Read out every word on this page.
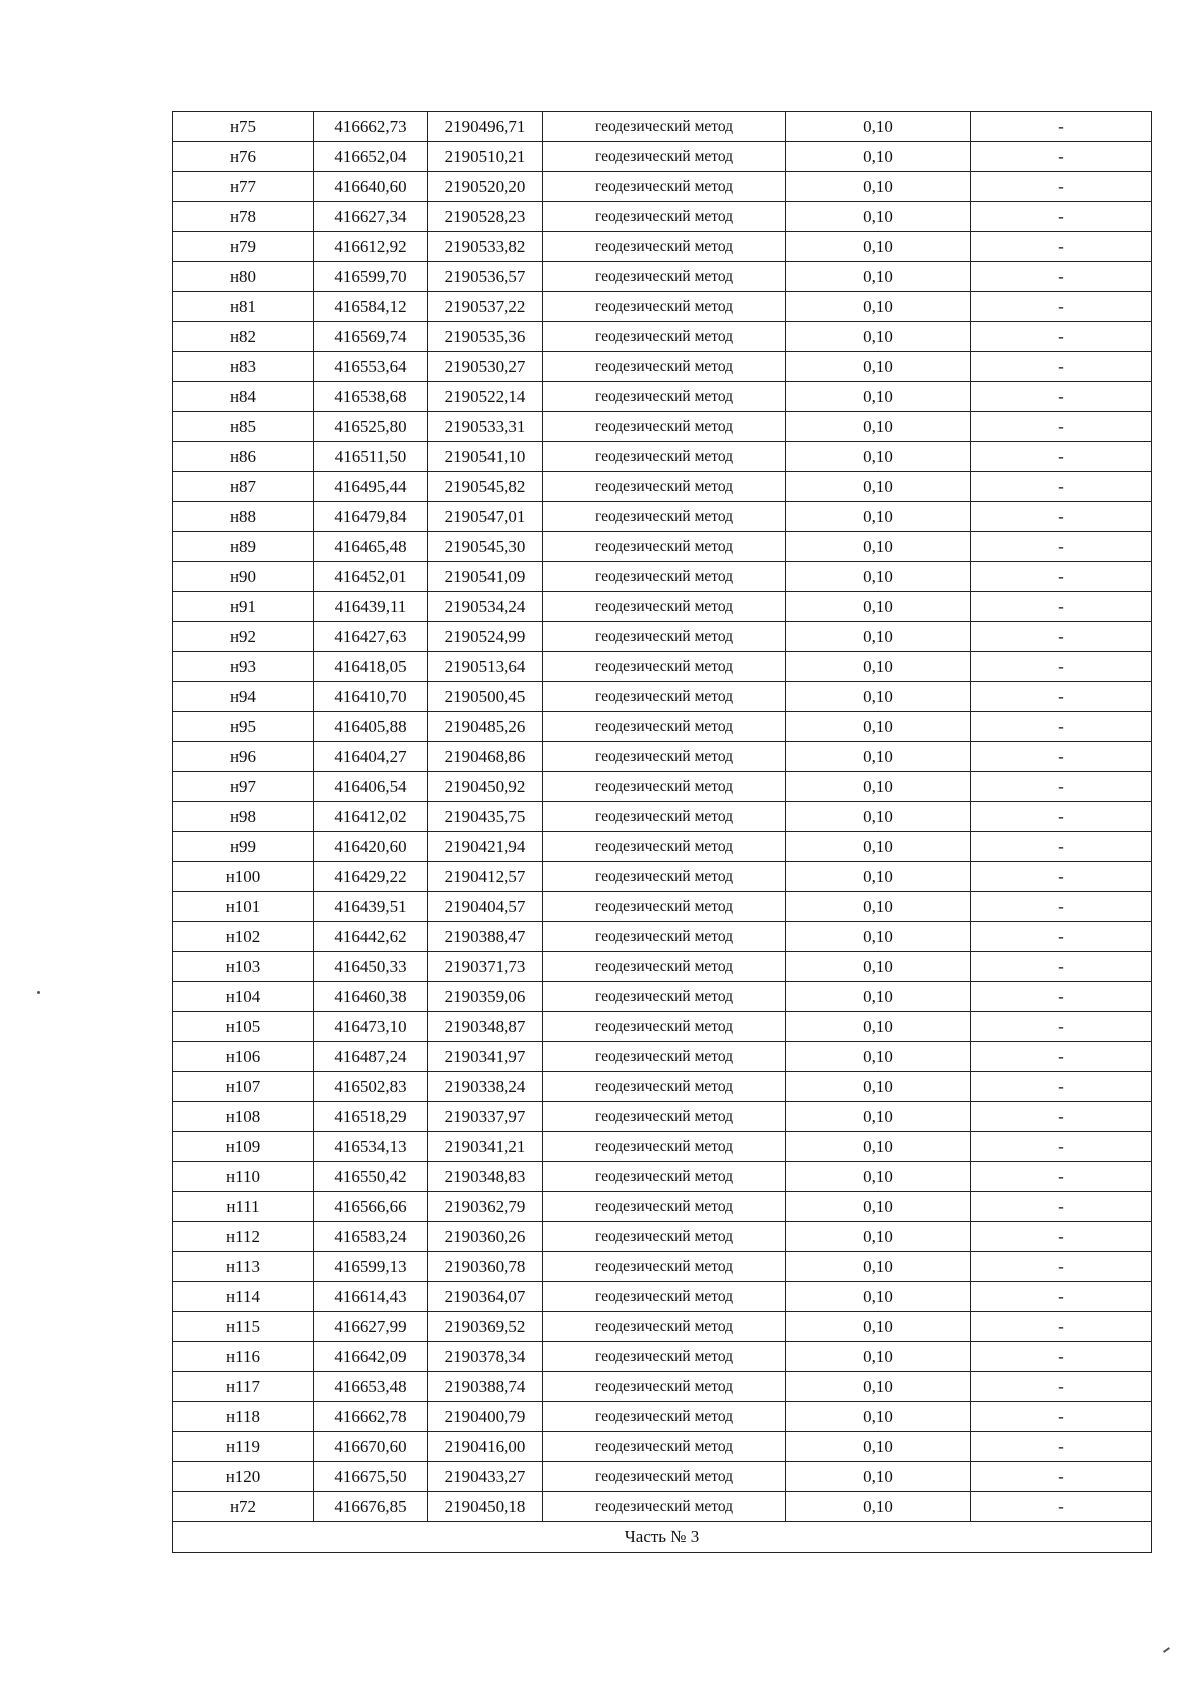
н75	416662,73	2190496,71	геодезический метод	0,10	-
н76	416652,04	2190510,21	геодезический метод	0,10	-
н77	416640,60	2190520,20	геодезический метод	0,10	-
н78	416627,34	2190528,23	геодезический метод	0,10	-
н79	416612,92	2190533,82	геодезический метод	0,10	-
н80	416599,70	2190536,57	геодезический метод	0,10	-
н81	416584,12	2190537,22	геодезический метод	0,10	-
н82	416569,74	2190535,36	геодезический метод	0,10	-
н83	416553,64	2190530,27	геодезический метод	0,10	-
н84	416538,68	2190522,14	геодезический метод	0,10	-
н85	416525,80	2190533,31	геодезический метод	0,10	-
н86	416511,50	2190541,10	геодезический метод	0,10	-
н87	416495,44	2190545,82	геодезический метод	0,10	-
н88	416479,84	2190547,01	геодезический метод	0,10	-
н89	416465,48	2190545,30	геодезический метод	0,10	-
н90	416452,01	2190541,09	геодезический метод	0,10	-
н91	416439,11	2190534,24	геодезический метод	0,10	-
н92	416427,63	2190524,99	геодезический метод	0,10	-
н93	416418,05	2190513,64	геодезический метод	0,10	-
н94	416410,70	2190500,45	геодезический метод	0,10	-
н95	416405,88	2190485,26	геодезический метод	0,10	-
н96	416404,27	2190468,86	геодезический метод	0,10	-
н97	416406,54	2190450,92	геодезический метод	0,10	-
н98	416412,02	2190435,75	геодезический метод	0,10	-
н99	416420,60	2190421,94	геодезический метод	0,10	-
н100	416429,22	2190412,57	геодезический метод	0,10	-
н101	416439,51	2190404,57	геодезический метод	0,10	-
н102	416442,62	2190388,47	геодезический метод	0,10	-
н103	416450,33	2190371,73	геодезический метод	0,10	-
н104	416460,38	2190359,06	геодезический метод	0,10	-
н105	416473,10	2190348,87	геодезический метод	0,10	-
н106	416487,24	2190341,97	геодезический метод	0,10	-
н107	416502,83	2190338,24	геодезический метод	0,10	-
н108	416518,29	2190337,97	геодезический метод	0,10	-
н109	416534,13	2190341,21	геодезический метод	0,10	-
н110	416550,42	2190348,83	геодезический метод	0,10	-
н111	416566,66	2190362,79	геодезический метод	0,10	-
н112	416583,24	2190360,26	геодезический метод	0,10	-
н113	416599,13	2190360,78	геодезический метод	0,10	-
н114	416614,43	2190364,07	геодезический метод	0,10	-
н115	416627,99	2190369,52	геодезический метод	0,10	-
н116	416642,09	2190378,34	геодезический метод	0,10	-
н117	416653,48	2190388,74	геодезический метод	0,10	-
н118	416662,78	2190400,79	геодезический метод	0,10	-
н119	416670,60	2190416,00	геодезический метод	0,10	-
н120	416675,50	2190433,27	геодезический метод	0,10	-
н72	416676,85	2190450,18	геодезический метод	0,10	-
Часть № 3					
